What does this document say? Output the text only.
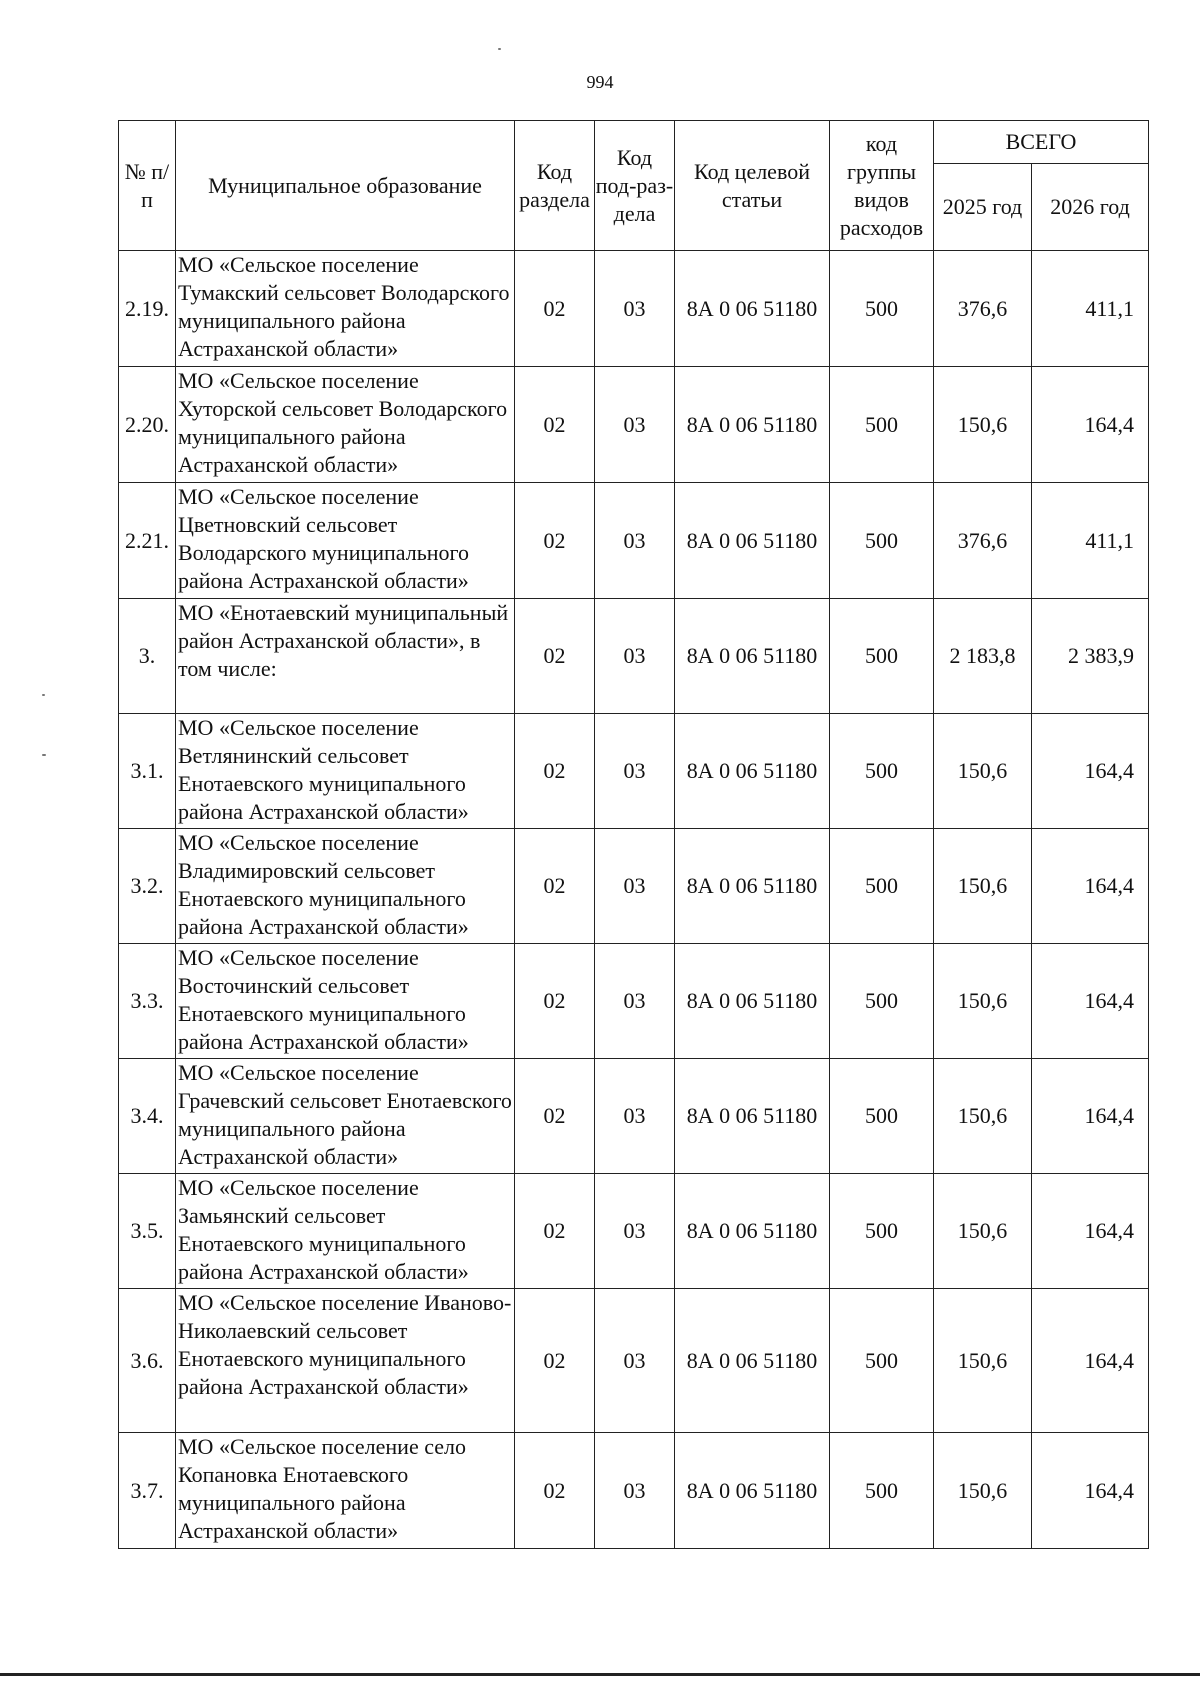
994
№ п/п	Муниципальное образование	Код раздела	Код под-раз-дела	Код целевой статьи	код группы видов расходов	ВСЕГО	
						2025 год	2026 год
2.19.	МО «Сельское поселение Тумакский сельсовет Володарского муниципального района Астраханской области»	02	03	8А 0 06 51180	500	376,6	411,1
2.20.	МО «Сельское поселение Хуторской сельсовет Володарского муниципального района Астраханской области»	02	03	8А 0 06 51180	500	150,6	164,4
2.21.	МО «Сельское поселение Цветновский сельсовет Володарского муниципального района Астраханской области»	02	03	8А 0 06 51180	500	376,6	411,1
3.	МО «Енотаевский муниципальный район Астраханской области», в том числе:	02	03	8А 0 06 51180	500	2 183,8	2 383,9
3.1.	МО «Сельское поселение Ветлянинский сельсовет Енотаевского муниципального района Астраханской области»	02	03	8А 0 06 51180	500	150,6	164,4
3.2.	МО «Сельское поселение Владимировский сельсовет Енотаевского муниципального района Астраханской области»	02	03	8А 0 06 51180	500	150,6	164,4
3.3.	МО «Сельское поселение Восточинский сельсовет Енотаевского муниципального района Астраханской области»	02	03	8А 0 06 51180	500	150,6	164,4
3.4.	МО «Сельское поселение Грачевский сельсовет Енотаевского муниципального района Астраханской области»	02	03	8А 0 06 51180	500	150,6	164,4
3.5.	МО «Сельское поселение Замьянский сельсовет Енотаевского муниципального района Астраханской области»	02	03	8А 0 06 51180	500	150,6	164,4
3.6.	МО «Сельское поселение Иваново-Николаевский сельсовет Енотаевского муниципального района Астраханской области»	02	03	8А 0 06 51180	500	150,6	164,4
3.7.	МО «Сельское поселение село Копановка Енотаевского муниципального района Астраханской области»	02	03	8А 0 06 51180	500	150,6	164,4
